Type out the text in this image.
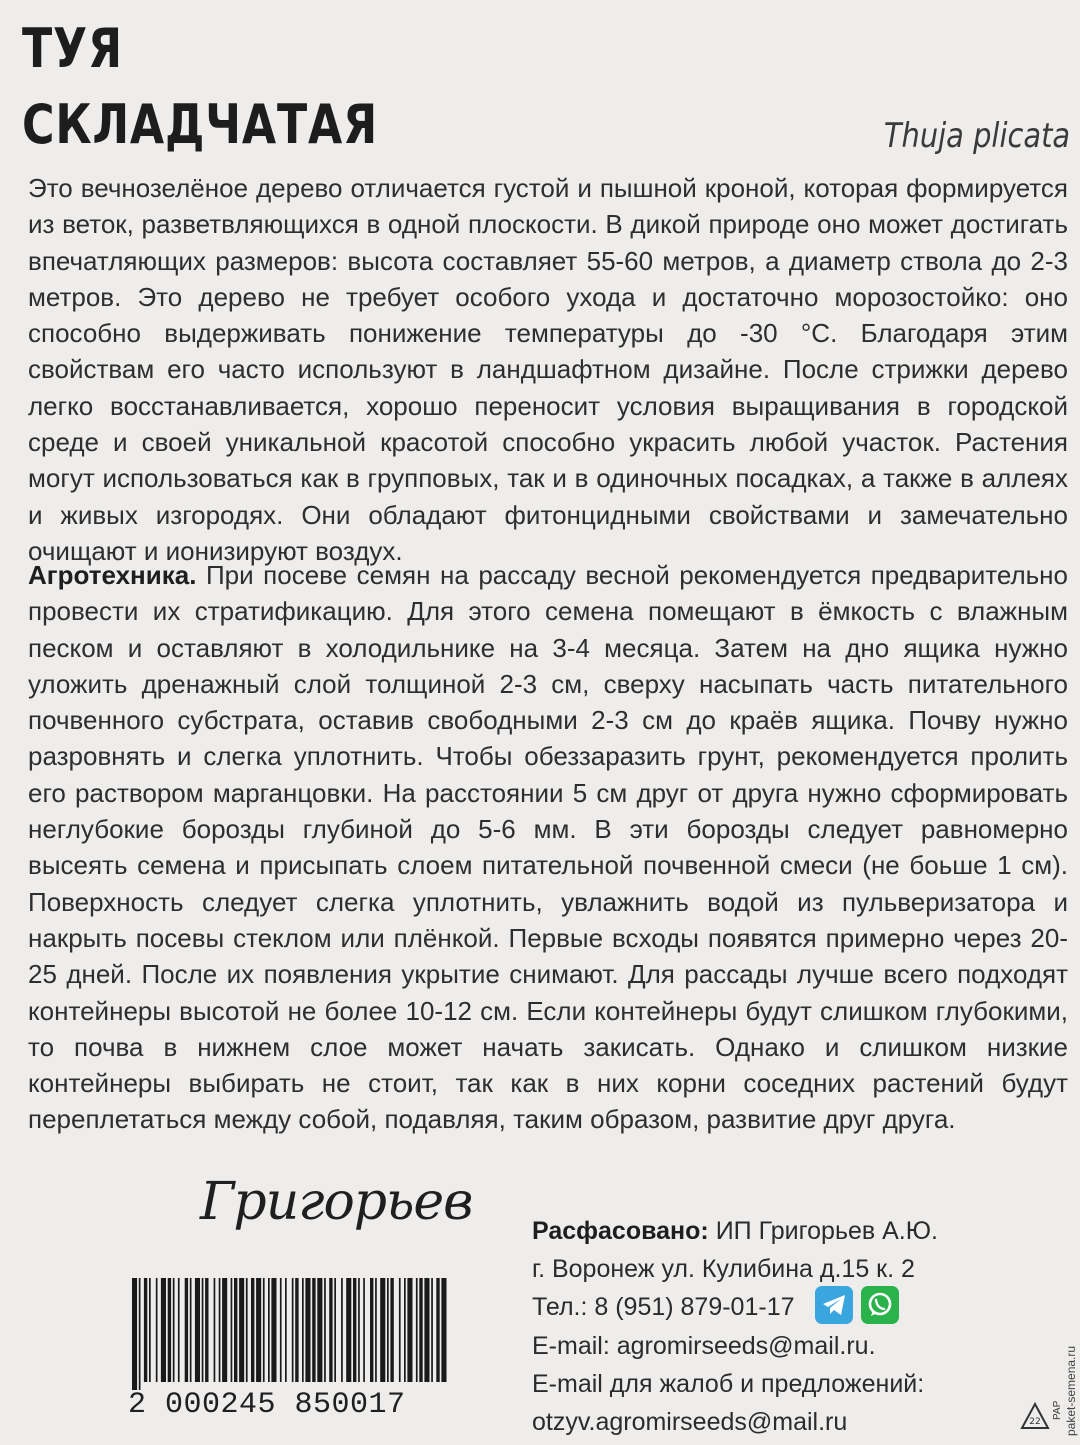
ТУЯ
СКЛАДЧАТАЯ	Thuja plicata
Это вечнозелёное дерево отличается густой и пышной кроной, которая формируется из веток, разветвляющихся в одной плоскости. В дикой природе оно может достигать впечатляющих размеров: высота составляет 55-60 метров, а диаметр ствола до 2-3 метров. Это дерево не требует особого ухода и достаточно морозостойко: оно способно выдерживать понижение температуры до -30 °С. Благодаря этим свойствам его часто используют в ландшафтном дизайне. После стрижки дерево легко восстанавливается, хорошо переносит условия выращивания в городской среде и своей уникальной красотой способно украсить любой участок. Растения могут использоваться как в групповых, так и в одиночных посадках, а также в аллеях и живых изгородях. Они обладают фитонцидными свойствами и замечательно очищают и ионизируют воздух.
Агротехника. При посеве семян на рассаду весной рекомендуется предварительно провести их стратификацию. Для этого семена помещают в ёмкость с влажным песком и оставляют в холодильнике на 3-4 месяца. Затем на дно ящика нужно уложить дренажный слой толщиной 2-3 см, сверху насыпать часть питательного почвенного субстрата, оставив свободными 2-3 см до краёв ящика. Почву нужно разровнять и слегка уплотнить. Чтобы обеззаразить грунт, рекомендуется пролить его раствором марганцовки. На расстоянии 5 см друг от друга нужно сформировать неглубокие борозды глубиной до 5-6 мм. В эти борозды следует равномерно высеять семена и присыпать слоем питательной почвенной смеси (не боьше 1 см). Поверхность следует слегка уплотнить, увлажнить водой из пульверизатора и накрыть посевы стеклом или плёнкой. Первые всходы появятся примерно через 20-25 дней. После их появления укрытие снимают. Для рассады лучше всего подходят контейнеры высотой не более 10-12 см. Если контейнеры будут слишком глубокими, то почва в нижнем слое может начать закисать. Однако и слишком низкие контейнеры выбирать не стоит, так как в них корни соседних растений будут переплетаться между собой, подавляя, таким образом, развитие друг друга.
Григорьев
2 000245 850017
Расфасовано: ИП Григорьев А.Ю.
г. Воронеж ул. Кулибина д.15 к. 2
Тел.: 8 (951) 879-01-17
E-mail: agromirseeds@mail.ru.
E-mail для жалоб и предложений:
otzyv.agromirseeds@mail.ru	22
PAP paket-semena.ru
